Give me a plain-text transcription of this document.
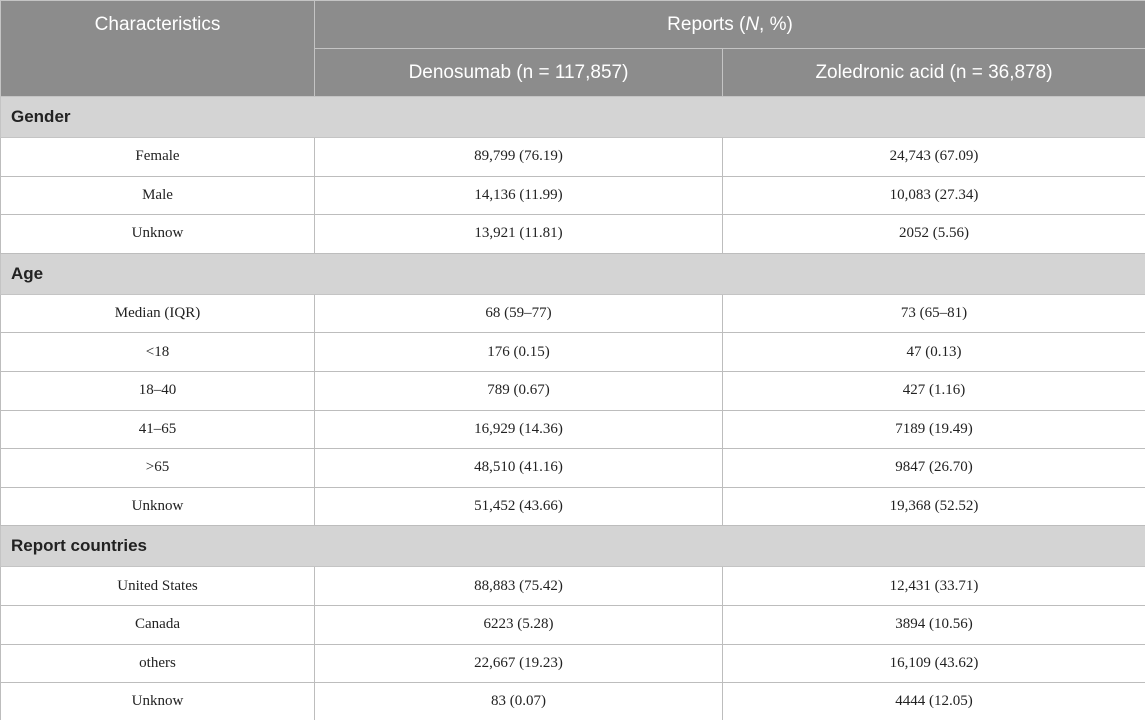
Characteristics	Reports (N, %)	
	Denosumab (n = 117,857)	Zoledronic acid (n = 36,878)
Gender		
Female	89,799 (76.19)	24,743 (67.09)
Male	14,136 (11.99)	10,083 (27.34)
Unknow	13,921 (11.81)	2052 (5.56)
Age		
Median (IQR)	68 (59–77)	73 (65–81)
<18	176 (0.15)	47 (0.13)
18–40	789 (0.67)	427 (1.16)
41–65	16,929 (14.36)	7189 (19.49)
>65	48,510 (41.16)	9847 (26.70)
Unknow	51,452 (43.66)	19,368 (52.52)
Report countries		
United States	88,883 (75.42)	12,431 (33.71)
Canada	6223 (5.28)	3894 (10.56)
others	22,667 (19.23)	16,109 (43.62)
Unknow	83 (0.07)	4444 (12.05)
